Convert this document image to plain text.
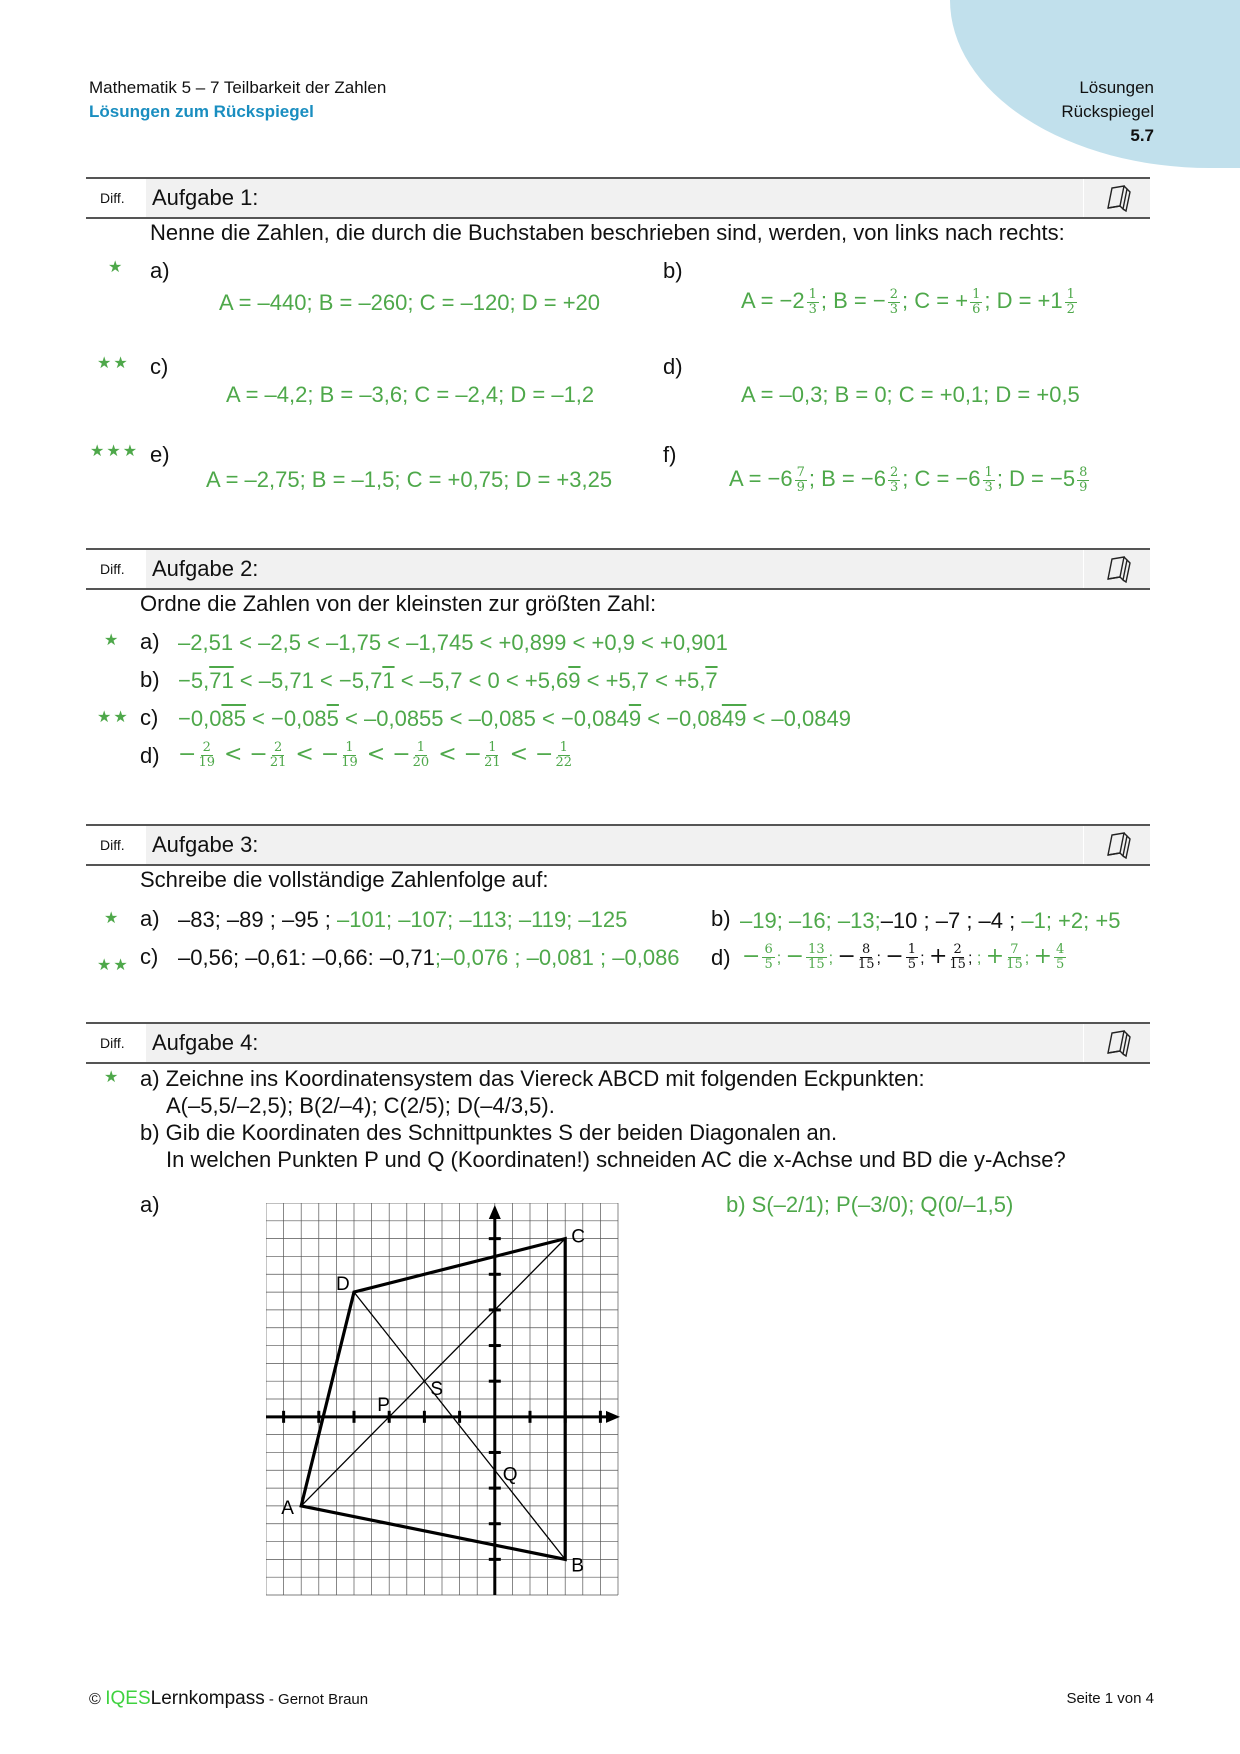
Mathematik 5 – 7 Teilbarkeit der Zahlen
Lösungen zum Rückspiegel
Lösungen
Rückspiegel
5.7
Diff.	Aufgabe 1:
Nenne die Zahlen, die durch die Buchstaben beschrieben sind, werden, von links nach rechts:
★ a)
A = –440; B = –260; C = –120; D = +20
b)
$A = -2 \frac{1}{3}$ ; B = − $\frac{2}{3}$ ; C = + $\frac{1}{6}$ ; $D = +1 \frac{1}{2}$
★★ c)
A = –4,2; B = –3,6; C = –2,4; D = –1,2
d)
A = –0,3; B = 0; C = +0,1; D = +0,5
★★★ e)
A = –2,75; B = –1,5; C = +0,75; D = +3,25
f)
$A = -6 \frac{7}{9}$ ; $B = -6 \frac{2}{3}$ ; $C = -6 \frac{1}{3}$ ; $D = -5 \frac{8}{9}$
Diff.	Aufgabe 2:
Ordne die Zahlen von der kleinsten zur größten Zahl:
★ a) –2,51 < –2,5 < –1,75 < –1,745 < +0,899 < +0,9 < +0,901
b) −5,71 < –5,71 < −5,71 < –5,7 < 0 < +5,69 < +5,7 < +5,7
★★ c) −0,085 < −0,085 < –0,0855 < –0,085 < −0,0849 < −0,0849 < –0,0849
$d) - \frac{2}{19}$ < − $\frac{2}{21}$ < − $\frac{1}{19}$ < − $\frac{1}{20}$ < − $\frac{1}{21}$ < − $\frac{1}{22}$
Diff.	Aufgabe 3:
Schreibe die vollständige Zahlenfolge auf:
★ a) –83; –89 ; –95 ; –101; –107; –113; –119; –125	b) –19; –16; –13;–10 ; –7 ; –4 ; –1; +2; +5
★★ c) –0,56; –0,61: –0,66: –0,71;–0,076 ; –0,081 ; –0,086 $d) - \frac{6}{5}$ ; − $\frac{13}{15}$ ; − $\frac{8}{15}$ ; − $\frac{1}{5}$ ; + $\frac{2}{15}$ ; ; + $\frac{7}{15}$ ; + $\frac{4}{5}$
Diff.	Aufgabe 4:
★ a) Zeichne ins Koordinatensystem das Viereck ABCD mit folgenden Eckpunkten:
A(–5,5/–2,5); B(2/–4); C(2/5); D(–4/3,5).
b) Gib die Koordinaten des Schnittpunktes S der beiden Diagonalen an.
In welchen Punkten P und Q (Koordinaten!) schneiden AC die x-Achse und BD die y-Achse?
a)	b) S(–2/1); P(–3/0); Q(0/–1,5)
A
B
C
D
S
P
Q
© IQESLernkompass - Gernot Braun	Seite 1 von 4
